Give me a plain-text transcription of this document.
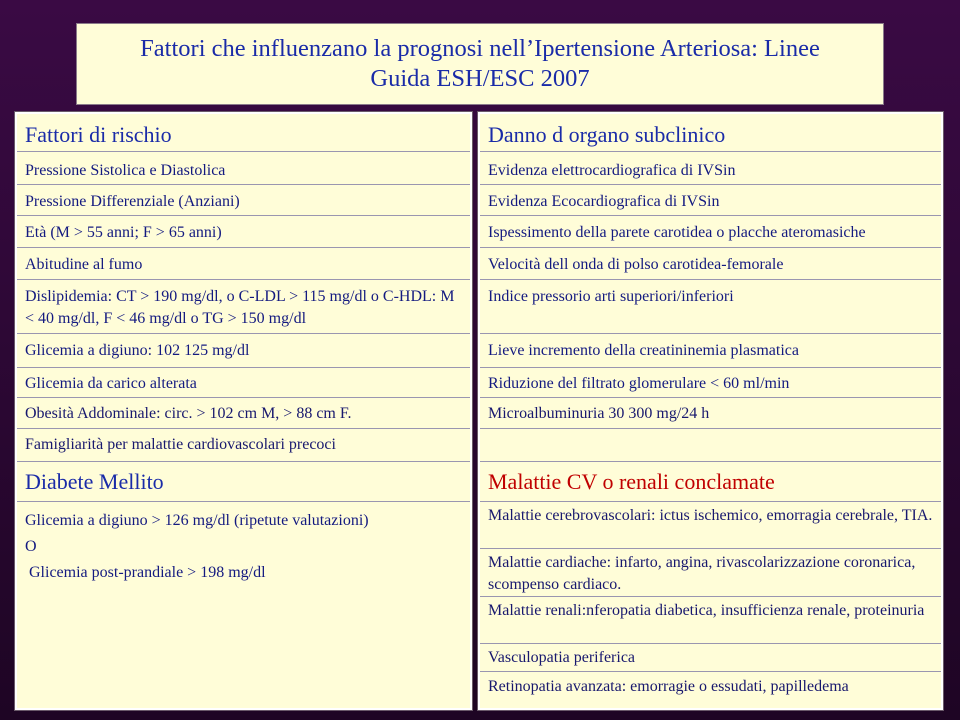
Fattori che influenzano la prognosi nell’Ipertensione Arteriosa: Linee
Guida ESH/ESC 2007
Fattori di rischio
Pressione Sistolica e Diastolica
Pressione Differenziale (Anziani)
Età (M > 55 anni; F > 65 anni)
Abitudine al fumo
Dislipidemia: CT > 190 mg/dl, o C-LDL > 115 mg/dl o C-HDL: M < 40 mg/dl, F < 46 mg/dl o TG > 150 mg/dl
Glicemia a digiuno: 102 125 mg/dl
Glicemia da carico alterata
Obesità Addominale: circ. > 102 cm M, > 88 cm F.
Famigliarità per malattie cardiovascolari precoci
Diabete Mellito
Glicemia a digiuno > 126 mg/dl (ripetute valutazioni)
O
Glicemia post-prandiale > 198 mg/dl
Danno d organo subclinico
Evidenza elettrocardiografica di IVSin
Evidenza Ecocardiografica di IVSin
Ispessimento della parete carotidea o placche ateromasiche
Velocità dell onda di polso carotidea-femorale
Indice pressorio arti superiori/inferiori
Lieve incremento della creatininemia plasmatica
Riduzione del filtrato glomerulare < 60 ml/min
Microalbuminuria 30 300 mg/24 h
Malattie CV o renali conclamate
Malattie cerebrovascolari: ictus ischemico, emorragia cerebrale, TIA.
Malattie cardiache: infarto, angina, rivascolarizzazione coronarica, scompenso cardiaco.
Malattie renali:nferopatia diabetica, insufficienza renale, proteinuria
Vasculopatia periferica
Retinopatia avanzata: emorragie o essudati, papilledema
